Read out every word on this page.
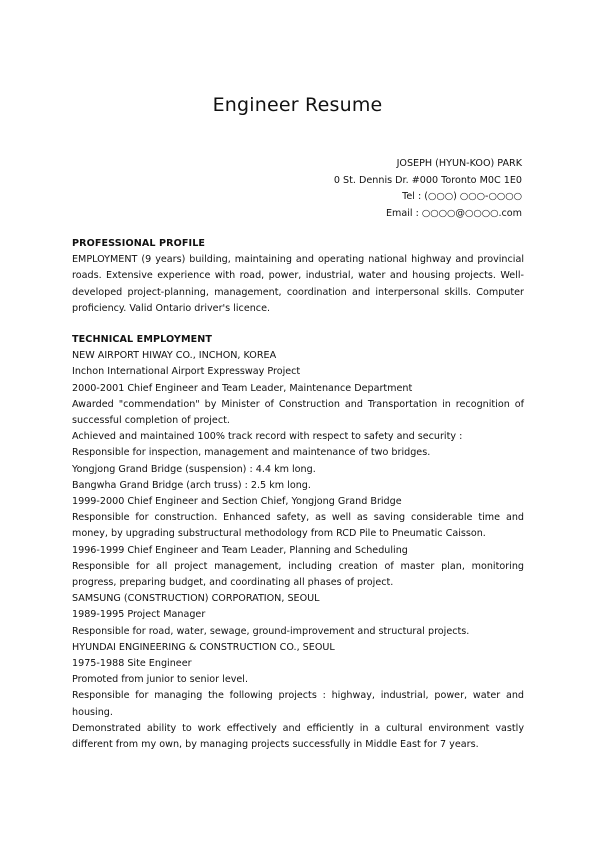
Engineer Resume
JOSEPH (HYUN-KOO) PARK
0 St. Dennis Dr. #000 Toronto M0C 1E0
Tel : (○○○) ○○○-○○○○
Email : ○○○○@○○○○.com
PROFESSIONAL PROFILE
EMPLOYMENT (9 years) building, maintaining and operating national highway and provincial roads. Extensive experience with road, power, industrial, water and housing projects. Well-developed project-planning, management, coordination and interpersonal skills. Computer proficiency. Valid Ontario driver's licence.
TECHNICAL EMPLOYMENT
NEW AIRPORT HIWAY CO., INCHON, KOREA
Inchon International Airport Expressway Project
2000-2001 Chief Engineer and Team Leader, Maintenance Department
Awarded "commendation" by Minister of Construction and Transportation in recognition of successful completion of project.
Achieved and maintained 100% track record with respect to safety and security :
Responsible for inspection, management and maintenance of two bridges.
Yongjong Grand Bridge (suspension) : 4.4 km long.
Bangwha Grand Bridge (arch truss) : 2.5 km long.
1999-2000 Chief Engineer and Section Chief, Yongjong Grand Bridge
Responsible for construction. Enhanced safety, as well as saving considerable time and money, by upgrading substructural methodology from RCD Pile to Pneumatic Caisson.
1996-1999 Chief Engineer and Team Leader, Planning and Scheduling
Responsible for all project management, including creation of master plan, monitoring progress, preparing budget, and coordinating all phases of project.
SAMSUNG (CONSTRUCTION) CORPORATION, SEOUL
1989-1995 Project Manager
Responsible for road, water, sewage, ground-improvement and structural projects.
HYUNDAI ENGINEERING & CONSTRUCTION CO., SEOUL
1975-1988 Site Engineer
Promoted from junior to senior level.
Responsible for managing the following projects : highway, industrial, power, water and housing.
Demonstrated ability to work effectively and efficiently in a cultural environment vastly different from my own, by managing projects successfully in Middle East for 7 years.
